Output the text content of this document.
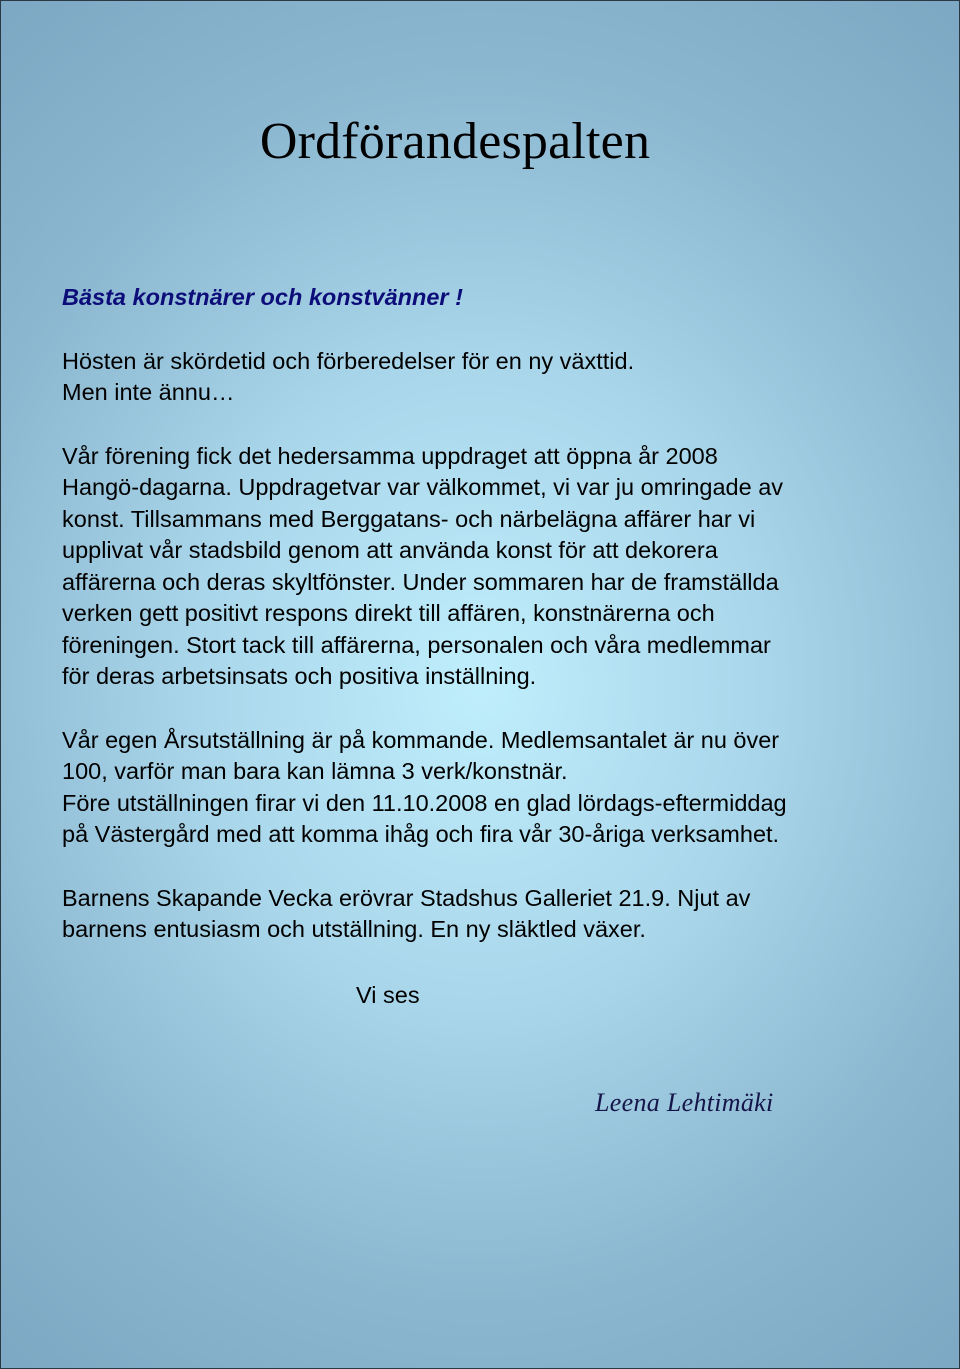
Ordförandespalten

Bästa konstnärer och konstvänner !

Hösten är skördetid och förberedelser för en ny växttid.

Men inte ännu…

Vår förening fick det hedersamma uppdraget att öppna år 2008

Hangö-dagarna. Uppdragetvar var välkommet, vi var ju omringade av

konst. Tillsammans med Berggatans- och närbelägna affärer har vi

upplivat vår stadsbild genom att använda konst för att dekorera

affärerna och deras skyltfönster. Under sommaren har de framställda

verken gett positivt respons direkt till affären, konstnärerna och

föreningen. Stort tack till affärerna, personalen och våra medlemmar

för deras arbetsinsats och positiva inställning.

Vår egen Årsutställning är på kommande. Medlemsantalet är nu över

100, varför man bara kan lämna 3 verk/konstnär.

Före utställningen firar vi den 11.10.2008 en glad lördags-eftermiddag

på Västergård med att komma ihåg och fira vår 30-åriga verksamhet.

Barnens Skapande Vecka erövrar Stadshus Galleriet 21.9. Njut av

barnens entusiasm och utställning. En ny släktled växer.

Vi ses

Leena Lehtimäki
